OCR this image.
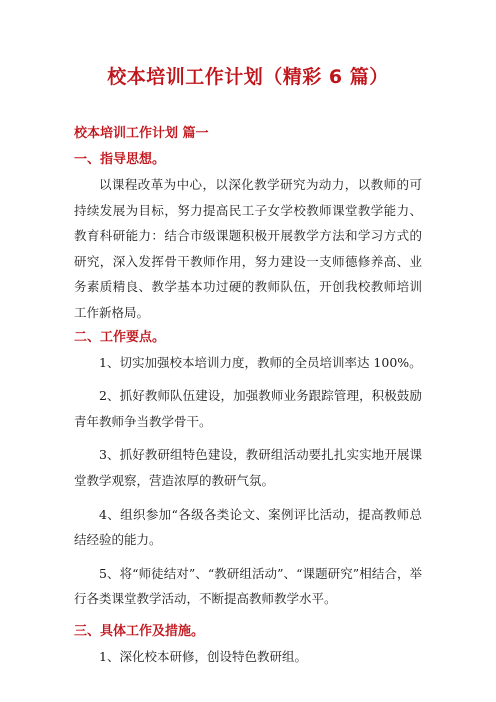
校本培训工作计划（精彩 6 篇）
校本培训工作计划 篇一
一、指导思想。

以课程改革为中心，以深化教学研究为动力，以教师的可持续发展为目标，努力提高民工子女学校教师课堂教学能力、教育科研能力：结合市级课题积极开展教学方法和学习方式的研究，深入发挥骨干教师作用，努力建设一支师德修养高、业务素质精良、教学基本功过硬的教师队伍，开创我校教师培训工作新格局。

二、工作要点。

1、切实加强校本培训力度，教师的全员培训率达 100%。

2、抓好教师队伍建设，加强教师业务跟踪管理，积极鼓励青年教师争当教学骨干。

3、抓好教研组特色建设，教研组活动要扎扎实实地开展课堂教学观察，营造浓厚的教研气氛。

4、组织参加“各级各类论文、案例评比活动，提高教师总结经验的能力。

5、将“师徒结对”、“教研组活动”、“课题研究”相结合，举行各类课堂教学活动，不断提高教师教学水平。

三、具体工作及措施。

1、深化校本研修，创设特色教研组。
